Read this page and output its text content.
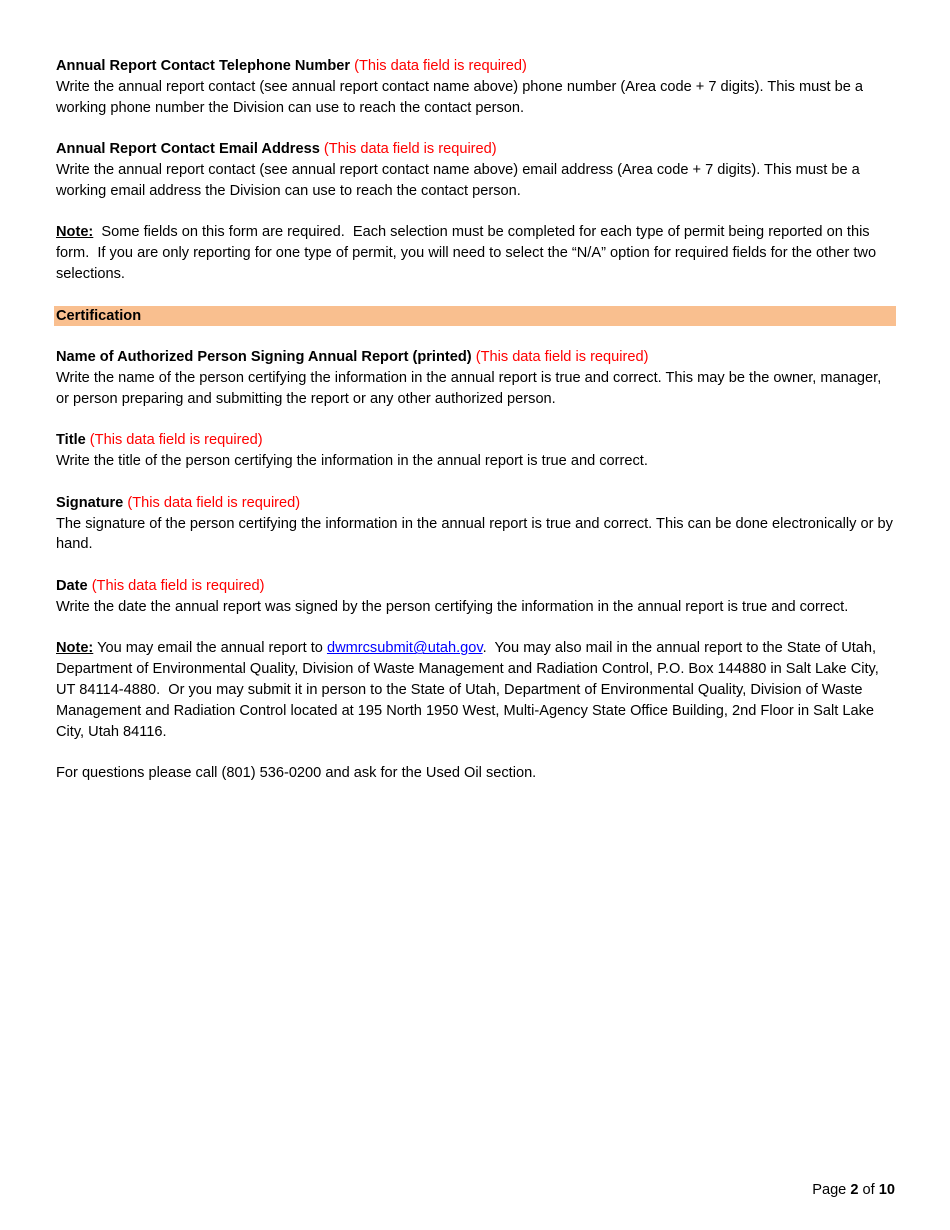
Annual Report Contact Telephone Number (This data field is required)
Write the annual report contact (see annual report contact name above) phone number (Area code + 7 digits). This must be a working phone number the Division can use to reach the contact person.
Annual Report Contact Email Address (This data field is required)
Write the annual report contact (see annual report contact name above) email address (Area code + 7 digits). This must be a working email address the Division can use to reach the contact person.
Note:  Some fields on this form are required.  Each selection must be completed for each type of permit being reported on this form.  If you are only reporting for one type of permit, you will need to select the “N/A” option for required fields for the other two selections.
Certification
Name of Authorized Person Signing Annual Report (printed) (This data field is required)
Write the name of the person certifying the information in the annual report is true and correct. This may be the owner, manager, or person preparing and submitting the report or any other authorized person.
Title (This data field is required)
Write the title of the person certifying the information in the annual report is true and correct.
Signature (This data field is required)
The signature of the person certifying the information in the annual report is true and correct. This can be done electronically or by hand.
Date (This data field is required)
Write the date the annual report was signed by the person certifying the information in the annual report is true and correct.
Note: You may email the annual report to dwmrcsubmit@utah.gov.  You may also mail in the annual report to the State of Utah, Department of Environmental Quality, Division of Waste Management and Radiation Control, P.O. Box 144880 in Salt Lake City, UT 84114-4880.  Or you may submit it in person to the State of Utah, Department of Environmental Quality, Division of Waste Management and Radiation Control located at 195 North 1950 West, Multi-Agency State Office Building, 2nd Floor in Salt Lake City, Utah 84116.
For questions please call (801) 536-0200 and ask for the Used Oil section.
Page 2 of 10
